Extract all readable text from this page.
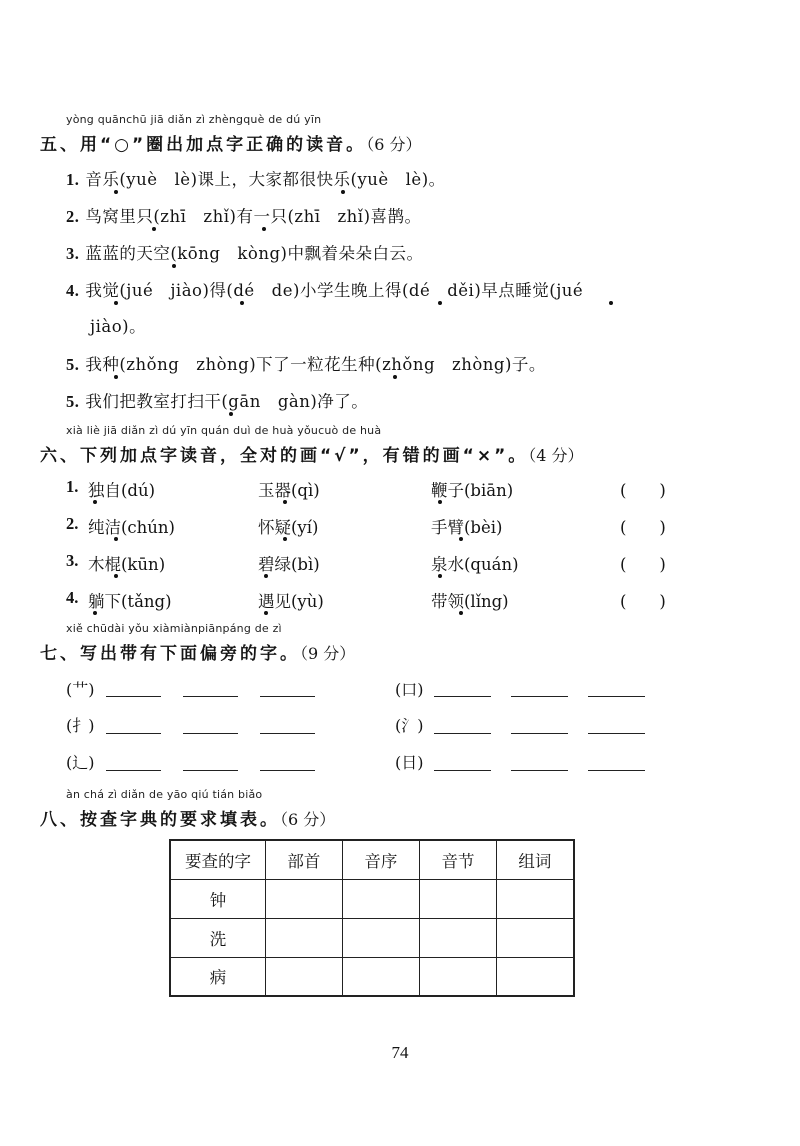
yòng quānchū jiā diǎn zì zhèngquè de dú yīn
五、用“○”圈出加点字正确的读音。（6 分）
1. 音乐(yuè　lè)课上，大家都很快乐(yuè　lè)。
2. 鸟窝里只(zhī　zhǐ)有一只(zhī　zhǐ)喜鹊。
3. 蓝蓝的天空(kōng　kòng)中飘着朵朵白云。
4. 我觉(jué　jiào)得(dé　de)小学生晚上得(dé　děi)早点睡觉(jué
jiào)。
5. 我种(zhǒng　zhòng)下了一粒花生种(zhǒng　zhòng)子。
5. 我们把教室打扫干(gān　gàn)净了。
xià liè jiā diǎn zì dú yīn quán duì de huà yǒucuò de huà
六、下列加点字读音，全对的画“√”，有错的画“×”。（4 分）
1. 独自(dú)	玉器(qì)	鞭子(biān)	(　　)
2. 纯洁(chún)	怀疑(yí)	手臂(bèi)	(　　)
3. 木棍(kūn)	碧绿(bì)	泉水(quán)	(　　)
4. 躺下(tǎng)	遇见(yù)	带领(lǐng)	(　　)
xiě chūdài yǒu xiàmiànpiānpáng de zì
七、写出带有下面偏旁的字。（9 分）
(艹)	(口)
(扌)	(氵)
(辶)	(日)
àn chá zì diǎn de yāo qiú tián biǎo
八、按查字典的要求填表。（6 分）
要查的字	部首	音序	音节	组词
钟				
洗				
病				
74
